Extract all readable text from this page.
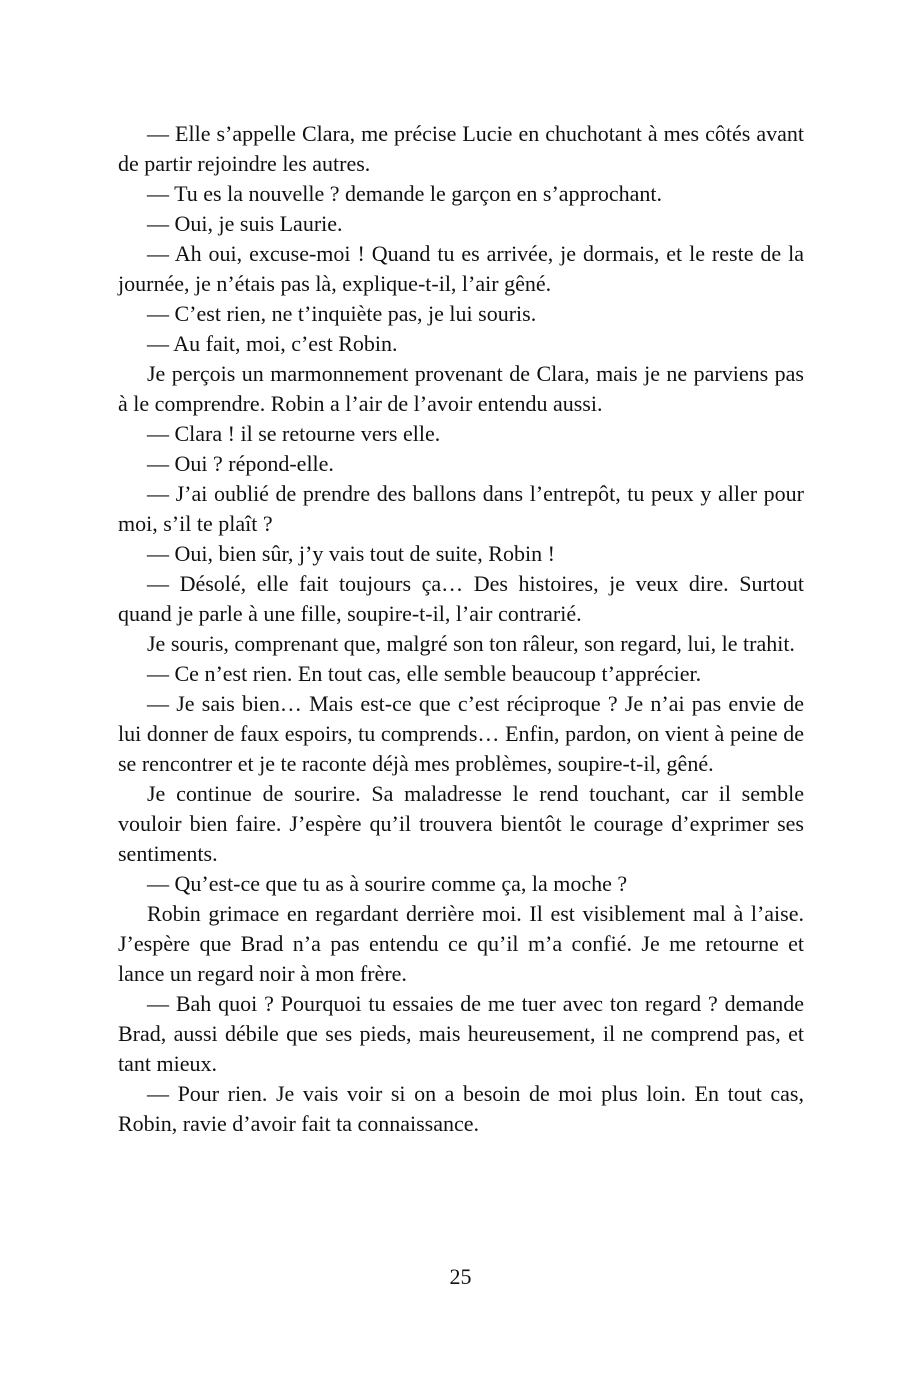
— Elle s’appelle Clara, me précise Lucie en chuchotant à mes côtés avant de partir rejoindre les autres.

— Tu es la nouvelle ? demande le garçon en s’approchant.

— Oui, je suis Laurie.

— Ah oui, excuse-moi ! Quand tu es arrivée, je dormais, et le reste de la journée, je n’étais pas là, explique-t-il, l’air gêné.

— C’est rien, ne t’inquiète pas, je lui souris.

— Au fait, moi, c’est Robin.

Je perçois un marmonnement provenant de Clara, mais je ne parviens pas à le comprendre. Robin a l’air de l’avoir entendu aussi.

— Clara ! il se retourne vers elle.

— Oui ? répond-elle.

— J’ai oublié de prendre des ballons dans l’entrepôt, tu peux y aller pour moi, s’il te plaît ?

— Oui, bien sûr, j’y vais tout de suite, Robin !

— Désolé, elle fait toujours ça… Des histoires, je veux dire. Surtout quand je parle à une fille, soupire-t-il, l’air contrarié.

Je souris, comprenant que, malgré son ton râleur, son regard, lui, le trahit.

— Ce n’est rien. En tout cas, elle semble beaucoup t’apprécier.

— Je sais bien… Mais est-ce que c’est réciproque ? Je n’ai pas envie de lui donner de faux espoirs, tu comprends… Enfin, pardon, on vient à peine de se rencontrer et je te raconte déjà mes problèmes, soupire-t-il, gêné.

Je continue de sourire. Sa maladresse le rend touchant, car il semble vouloir bien faire. J’espère qu’il trouvera bientôt le courage d’exprimer ses sentiments.

— Qu’est-ce que tu as à sourire comme ça, la moche ?

Robin grimace en regardant derrière moi. Il est visiblement mal à l’aise. J’espère que Brad n’a pas entendu ce qu’il m’a confié. Je me retourne et lance un regard noir à mon frère.

— Bah quoi ? Pourquoi tu essaies de me tuer avec ton regard ? demande Brad, aussi débile que ses pieds, mais heureusement, il ne comprend pas, et tant mieux.

— Pour rien. Je vais voir si on a besoin de moi plus loin. En tout cas, Robin, ravie d’avoir fait ta connaissance.

25
